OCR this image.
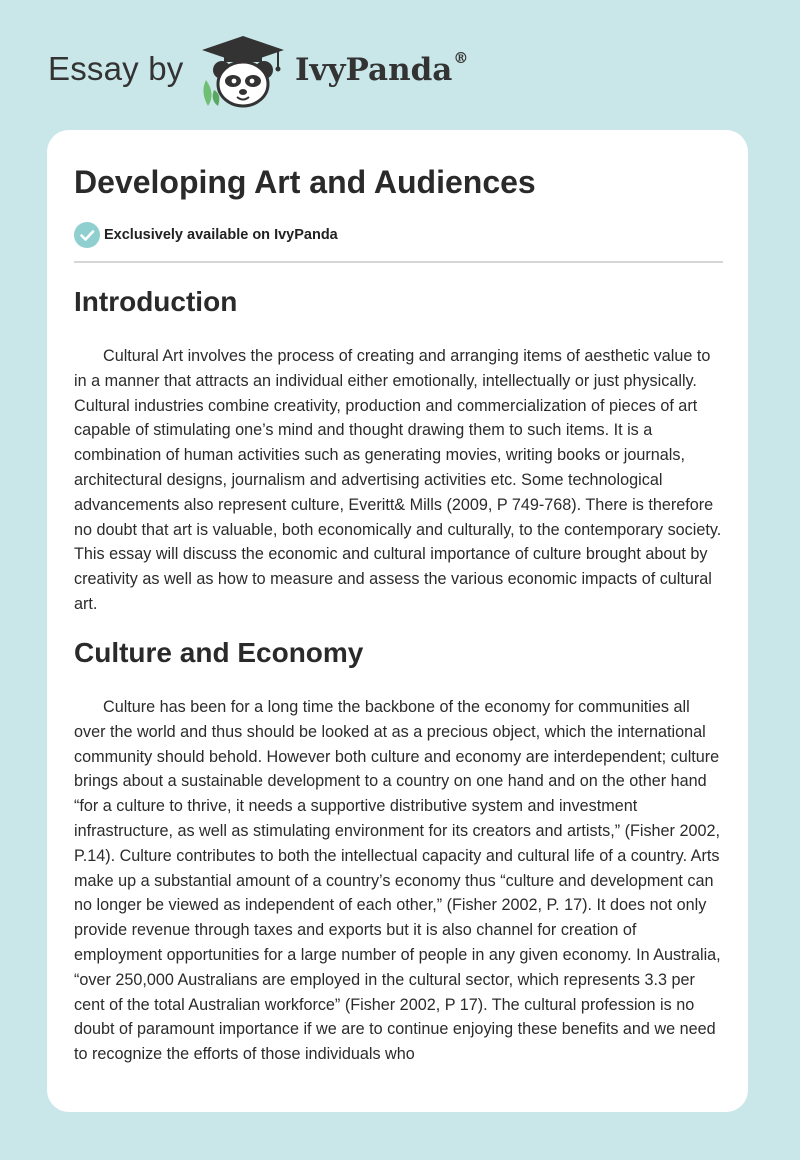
Essay by	IvyPanda®
Developing Art and Audiences
Exclusively available on IvyPanda
Introduction

Cultural Art involves the process of creating and arranging items of aesthetic value to in a manner that attracts an individual either emotionally, intellectually or just physically. Cultural industries combine creativity, production and commercialization of pieces of art capable of stimulating one’s mind and thought drawing them to such items. It is a combination of human activities such as generating movies, writing books or journals, architectural designs, journalism and advertising activities etc. Some technological advancements also represent culture, Everitt& Mills (2009, P 749-768). There is therefore no doubt that art is valuable, both economically and culturally, to the contemporary society. This essay will discuss the economic and cultural importance of culture brought about by creativity as well as how to measure and assess the various economic impacts of cultural art.

Culture and Economy

Culture has been for a long time the backbone of the economy for communities all over the world and thus should be looked at as a precious object, which the international community should behold. However both culture and economy are interdependent; culture brings about a sustainable development to a country on one hand and on the other hand “for a culture to thrive, it needs a supportive distributive system and investment infrastructure, as well as stimulating environment for its creators and artists,” (Fisher 2002, P.14). Culture contributes to both the intellectual capacity and cultural life of a country. Arts make up a substantial amount of a country’s economy thus “culture and development can no longer be viewed as independent of each other,” (Fisher 2002, P. 17). It does not only provide revenue through taxes and exports but it is also channel for creation of employment opportunities for a large number of people in any given economy. In Australia, “over 250,000 Australians are employed in the cultural sector, which represents 3.3 per cent of the total Australian workforce” (Fisher 2002, P 17). The cultural profession is no doubt of paramount importance if we are to continue enjoying these benefits and we need to recognize the efforts of those individuals who
